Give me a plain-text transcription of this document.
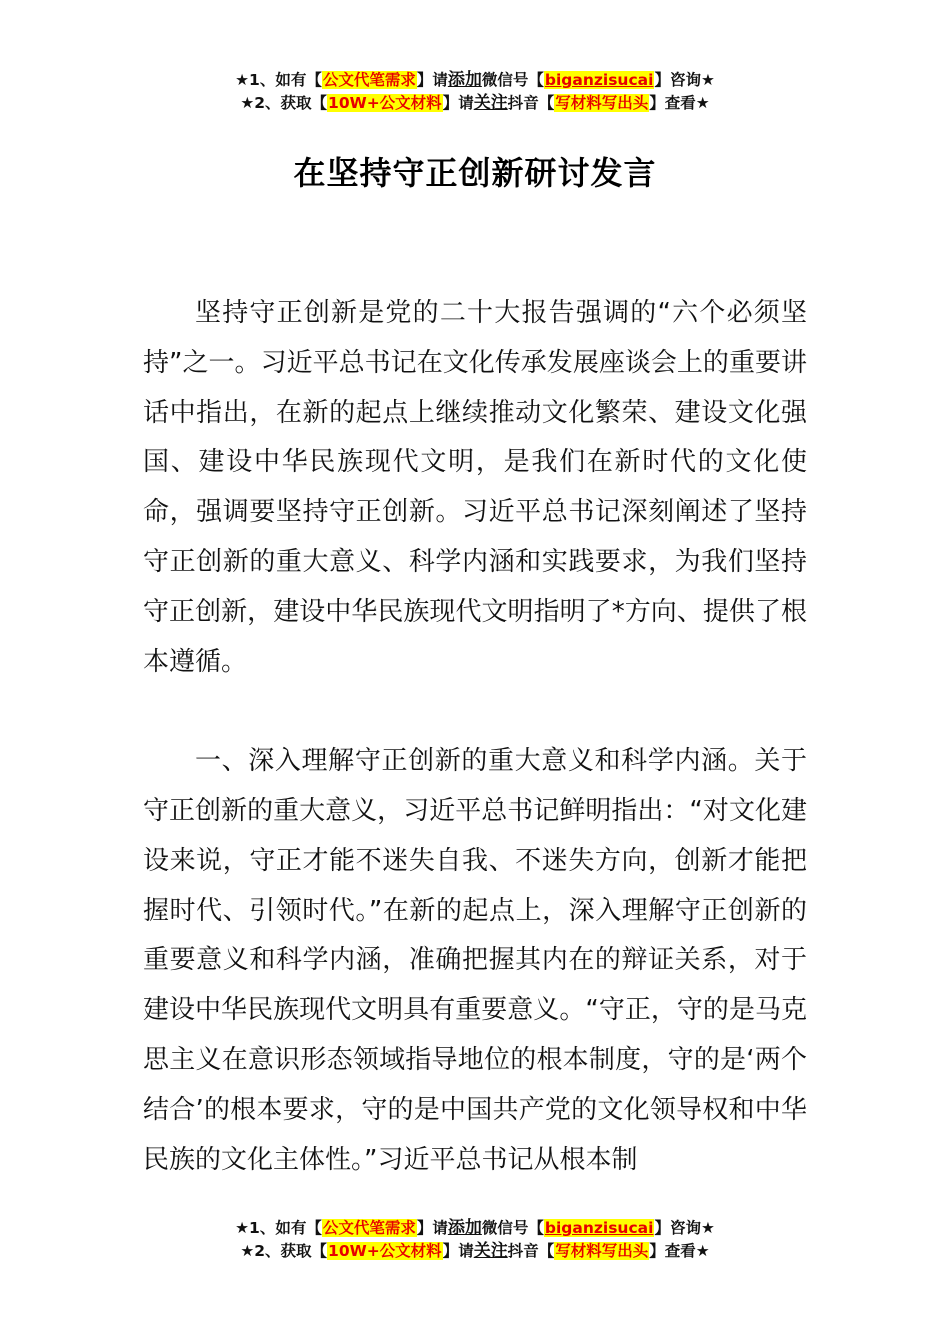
★1、如有【公文代笔需求】请添加微信号【biganzisucai】咨询★
★2、获取【10W+公文材料】请关注抖音【写材料写出头】查看★
在坚持守正创新研讨发言

坚持守正创新是党的二十大报告强调的“六个必须坚持”之一。习近平总书记在文化传承发展座谈会上的重要讲话中指出，在新的起点上继续推动文化繁荣、建设文化强国、建设中华民族现代文明，是我们在新时代的文化使命，强调要坚持守正创新。习近平总书记深刻阐述了坚持守正创新的重大意义、科学内涵和实践要求，为我们坚持守正创新，建设中华民族现代文明指明了*方向、提供了根本遵循。

一、深入理解守正创新的重大意义和科学内涵。关于守正创新的重大意义，习近平总书记鲜明指出：“对文化建设来说，守正才能不迷失自我、不迷失方向，创新才能把握时代、引领时代。”在新的起点上，深入理解守正创新的重要意义和科学内涵，准确把握其内在的辩证关系，对于建设中华民族现代文明具有重要意义。“守正，守的是马克思主义在意识形态领域指导地位的根本制度，守的是‘两个结合’的根本要求，守的是中国共产党的文化领导权和中华民族的文化主体性。”习近平总书记从根本制

★1、如有【公文代笔需求】请添加微信号【biganzisucai】咨询★
★2、获取【10W+公文材料】请关注抖音【写材料写出头】查看★
